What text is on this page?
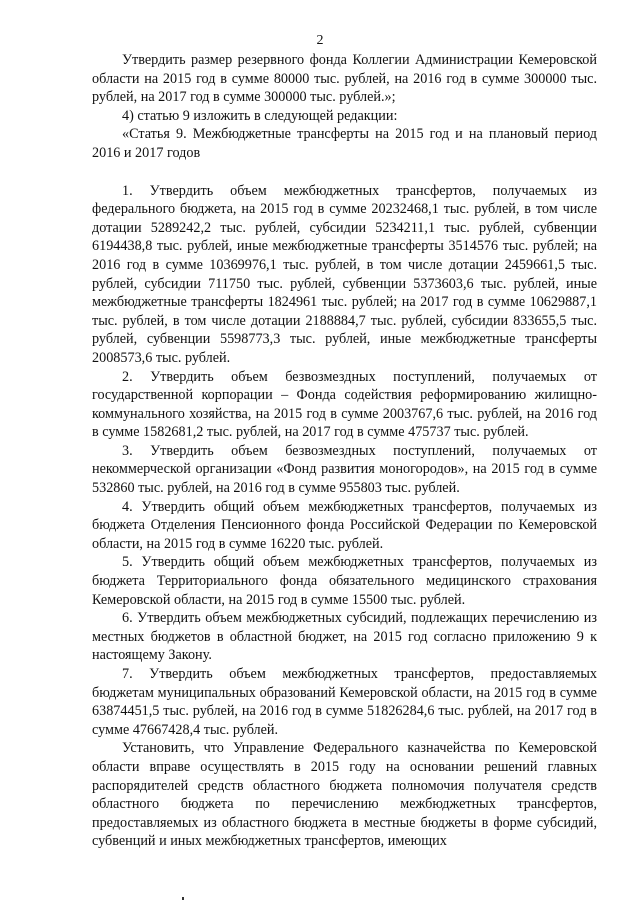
2

Утвердить размер резервного фонда Коллегии Администрации Кемеровской области на 2015 год в сумме 80000 тыс. рублей, на 2016 год в сумме 300000 тыс. рублей, на 2017 год в сумме 300000 тыс. рублей.»;

4) статью 9 изложить в следующей редакции:

«Статья 9. Межбюджетные трансферты на 2015 год и на плановый период 2016 и 2017 годов

1. Утвердить объем межбюджетных трансфертов, получаемых из федерального бюджета, на 2015 год в сумме 20232468,1 тыс. рублей, в том числе дотации 5289242,2 тыс. рублей, субсидии 5234211,1 тыс. рублей, субвенции 6194438,8 тыс. рублей, иные межбюджетные трансферты 3514576 тыс. рублей; на 2016 год в сумме 10369976,1 тыс. рублей, в том числе дотации 2459661,5 тыс. рублей, субсидии 711750 тыс. рублей, субвенции 5373603,6 тыс. рублей, иные межбюджетные трансферты 1824961 тыс. рублей; на 2017 год в сумме 10629887,1 тыс. рублей, в том числе дотации 2188884,7 тыс. рублей, субсидии 833655,5 тыс. рублей, субвенции 5598773,3 тыс. рублей, иные межбюджетные трансферты 2008573,6 тыс. рублей.

2. Утвердить объем безвозмездных поступлений, получаемых от государственной корпорации – Фонда содействия реформированию жилищно-коммунального хозяйства, на 2015 год в сумме 2003767,6 тыс. рублей, на 2016 год в сумме 1582681,2 тыс. рублей, на 2017 год в сумме 475737 тыс. рублей.

3. Утвердить объем безвозмездных поступлений, получаемых от некоммерческой организации «Фонд развития моногородов», на 2015 год в сумме 532860 тыс. рублей, на 2016 год в сумме 955803 тыс. рублей.

4. Утвердить общий объем межбюджетных трансфертов, получаемых из бюджета Отделения Пенсионного фонда Российской Федерации по Кемеровской области, на 2015 год в сумме 16220 тыс. рублей.

5. Утвердить общий объем межбюджетных трансфертов, получаемых из бюджета Территориального фонда обязательного медицинского страхования Кемеровской области, на 2015 год в сумме 15500 тыс. рублей.

6. Утвердить объем межбюджетных субсидий, подлежащих перечислению из местных бюджетов в областной бюджет, на 2015 год согласно приложению 9 к настоящему Закону.

7. Утвердить объем межбюджетных трансфертов, предоставляемых бюджетам муниципальных образований Кемеровской области, на 2015 год в сумме 63874451,5 тыс. рублей, на 2016 год в сумме 51826284,6 тыс. рублей, на 2017 год в сумме 47667428,4 тыс. рублей.

Установить, что Управление Федерального казначейства по Кемеровской области вправе осуществлять в 2015 году на основании решений главных распорядителей средств областного бюджета полномочия получателя средств областного бюджета по перечислению межбюджетных трансфертов, предоставляемых из областного бюджета в местные бюджеты в форме субсидий, субвенций и иных межбюджетных трансфертов, имеющих
